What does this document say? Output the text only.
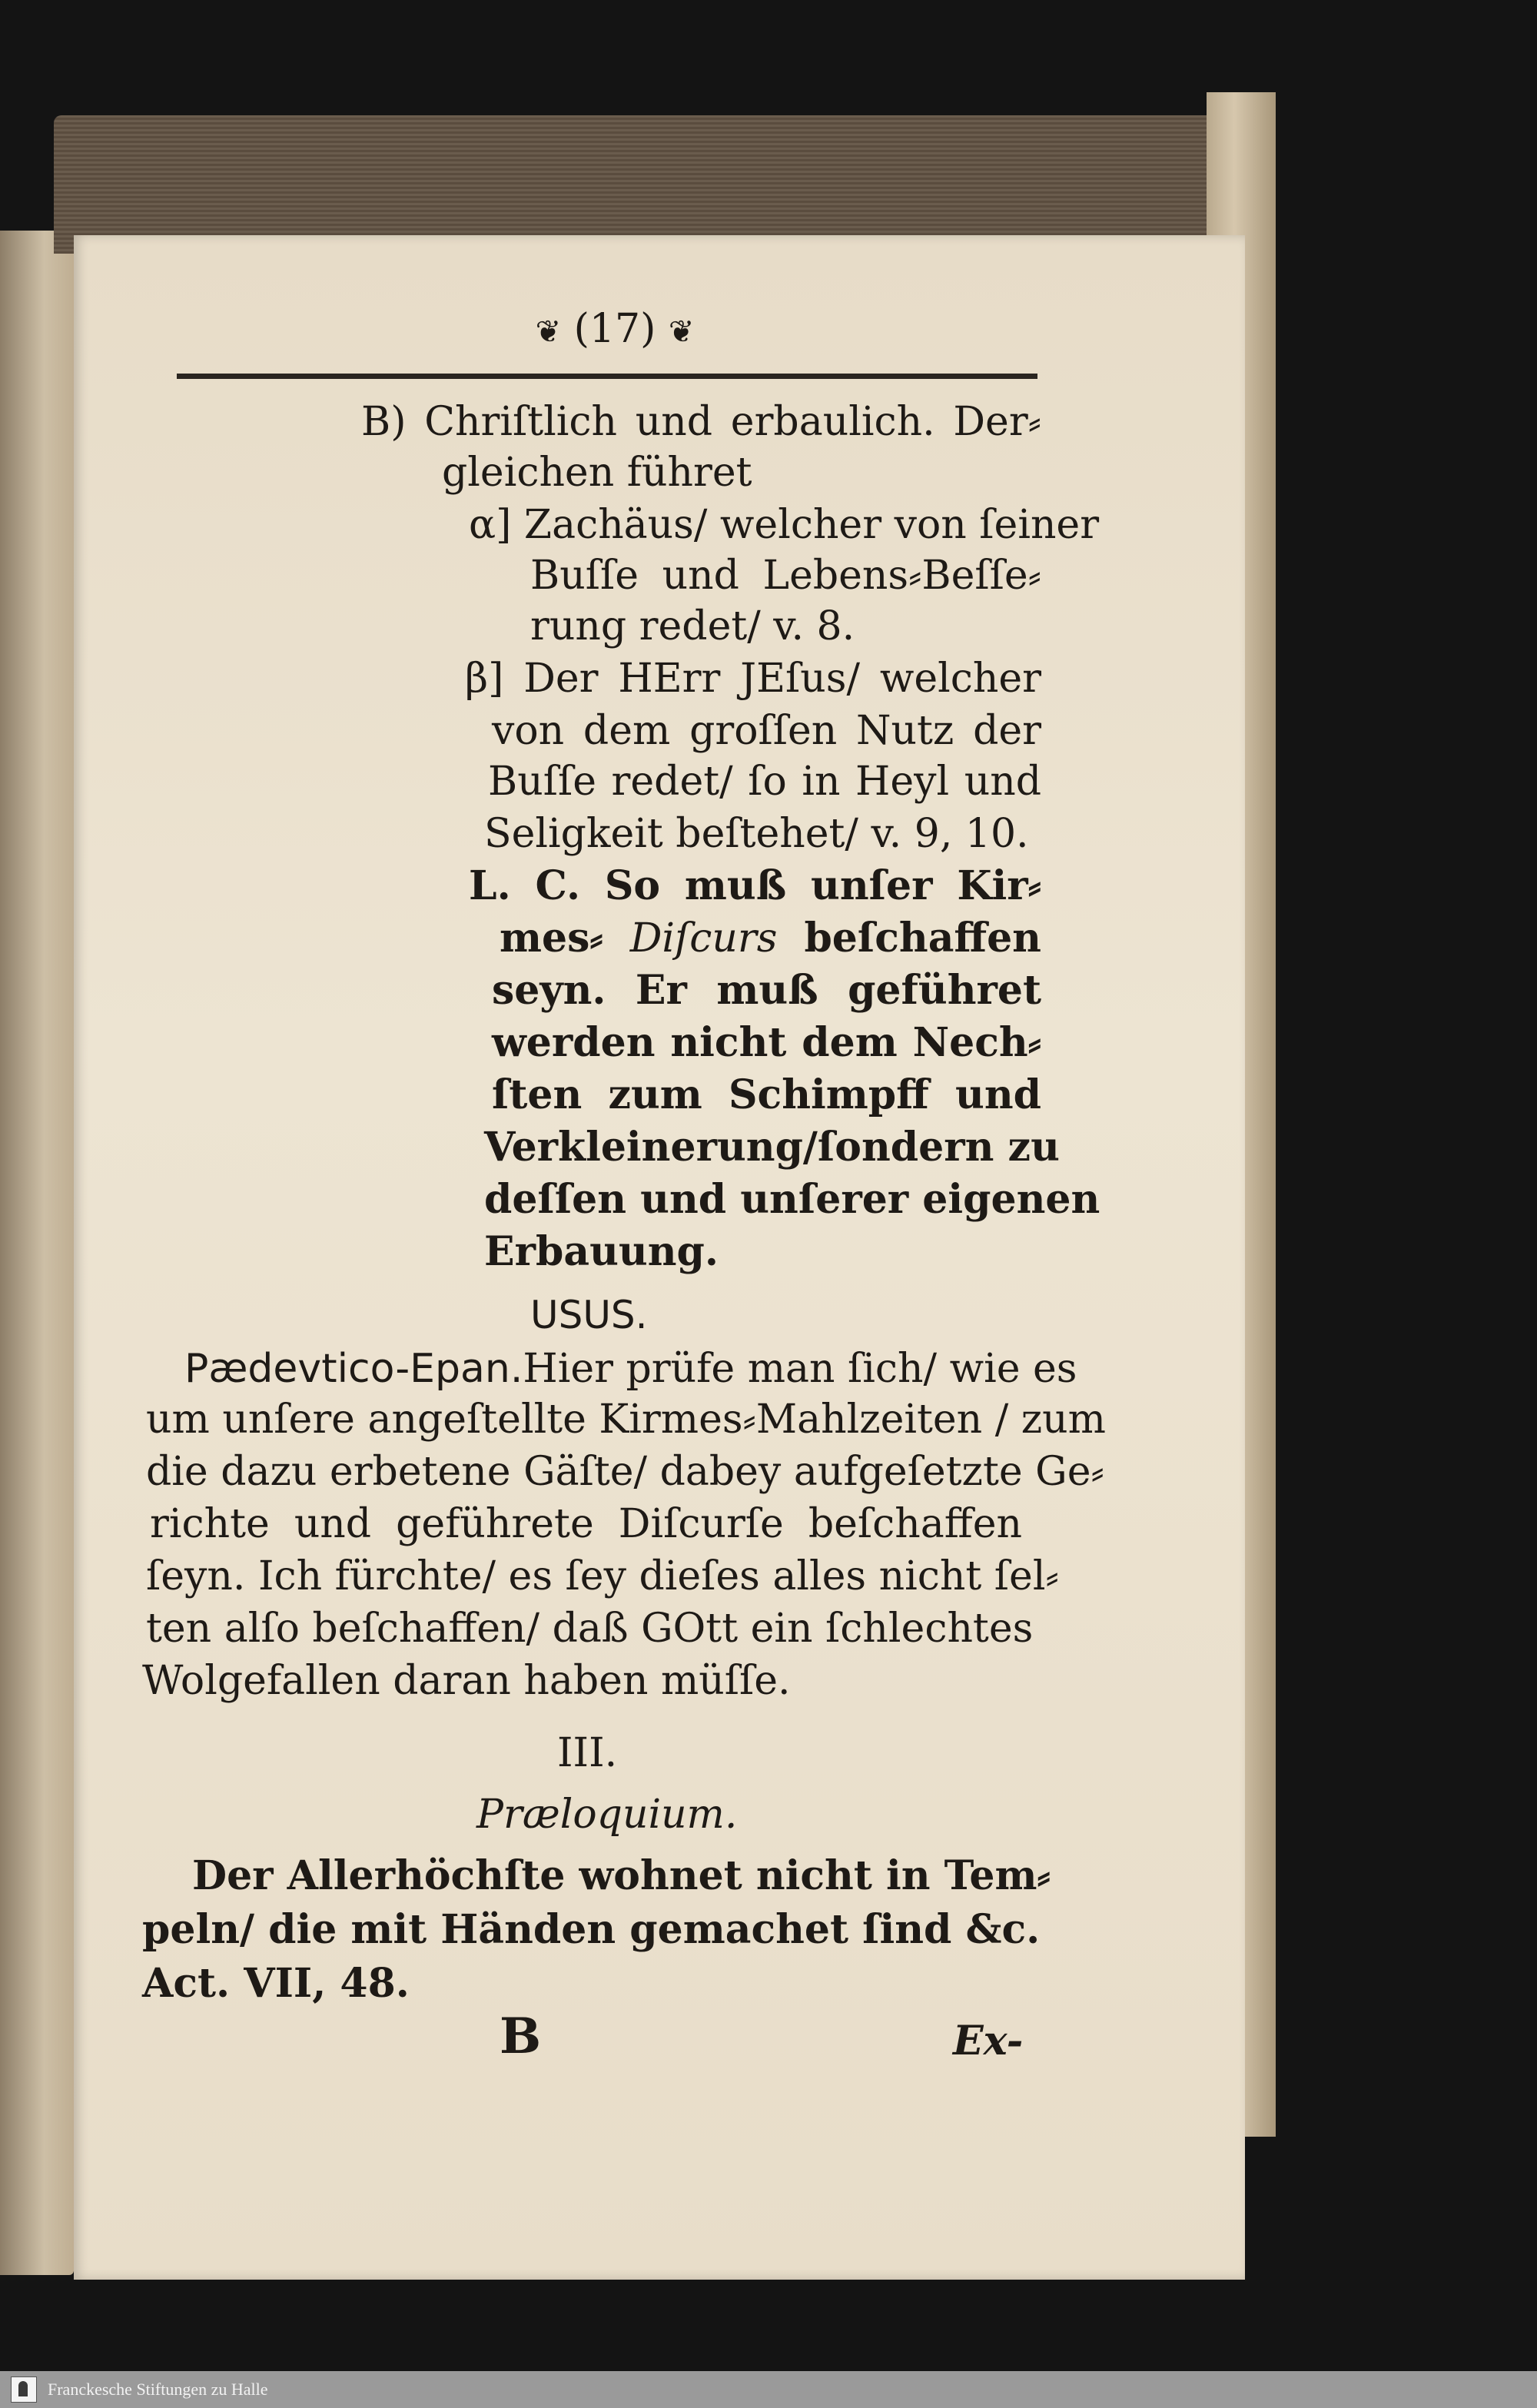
❦ (17) ❦
B) Chriſtlich und erbaulich. Der⸗
gleichen führet
α] Zachäus/ welcher von ſeiner
Buſſe und Lebens⸗Beſſe⸗
rung redet/ v. 8.
β] Der HErr JEſus/ welcher
von dem groſſen Nutz der
Buſſe redet/ ſo in Heyl und
Seligkeit beſtehet/ v. 9, 10.
L. C. So muß unſer Kir⸗
mes⸗ Diſcurs beſchaffen
seyn. Er muß geführet
werden nicht dem Nech⸗
ſten zum Schimpff und
Verkleinerung/ſondern zu
deſſen und unſerer eigenen
Erbauung.
USUS.
Pædevtico-Epan. Hier prüfe man ſich/ wie es
um unſere angeſtellte Kirmes⸗Mahlzeiten / zum
die dazu erbetene Gäſte/ dabey aufgeſetzte Ge⸗
richte und geführete Diſcurſe beſchaffen
ſeyn. Ich fürchte/ es ſey dieſes alles nicht ſel⸗
ten alſo beſchaffen/ daß GOtt ein ſchlechtes
Wolgefallen daran haben müſſe.
III.
Præloquium.
Der Allerhöchſte wohnet nicht in Tem⸗
peln/ die mit Händen gemachet ſind &c.
Act. VII, 48.
B	Ex-
Franckesche Stiftungen zu Halle
